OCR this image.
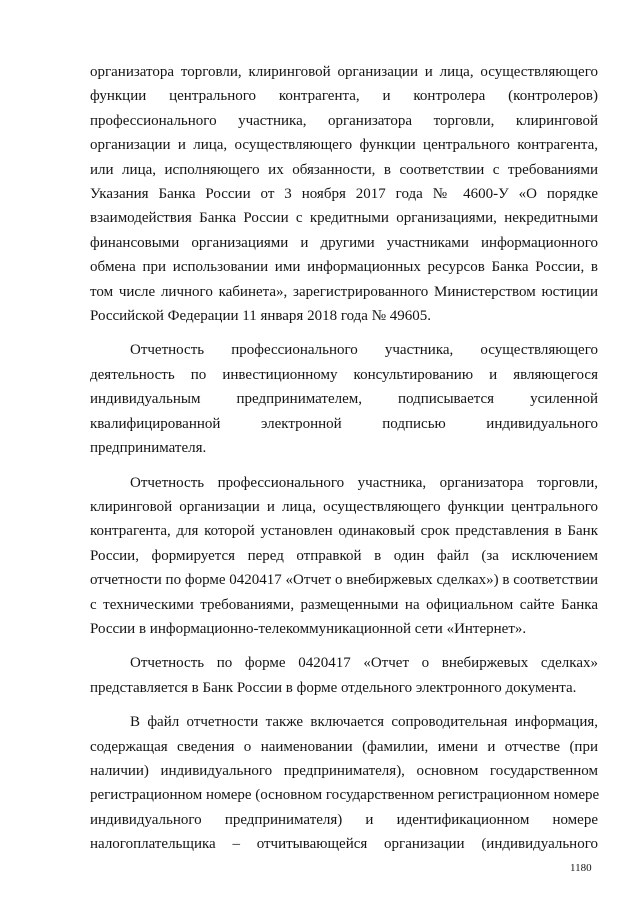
организатора торговли, клиринговой организации и лица, осуществляющего
функции центрального контрагента, и контролера (контролеров)
профессионального участника, организатора торговли, клиринговой
организации и лица, осуществляющего функции центрального контрагента,
или лица, исполняющего их обязанности, в соответствии с требованиями
Указания Банка России от 3 ноября 2017 года № 4600-У «О порядке
взаимодействия Банка России с кредитными организациями, некредитными
финансовыми организациями и другими участниками информационного
обмена при использовании ими информационных ресурсов Банка России, в
том числе личного кабинета», зарегистрированного Министерством юстиции
Российской Федерации 11 января 2018 года № 49605.

Отчетность профессионального участника, осуществляющего
деятельность по инвестиционному консультированию и являющегося
индивидуальным предпринимателем, подписывается усиленной
квалифицированной электронной подписью индивидуального
предпринимателя.

Отчетность профессионального участника, организатора торговли,
клиринговой организации и лица, осуществляющего функции центрального
контрагента, для которой установлен одинаковый срок представления в Банк
России, формируется перед отправкой в один файл (за исключением
отчетности по форме 0420417 «Отчет о внебиржевых сделках») в соответствии
с техническими требованиями, размещенными на официальном сайте Банка
России в информационно-телекоммуникационной сети «Интернет».

Отчетность по форме 0420417 «Отчет о внебиржевых сделках»
представляется в Банк России в форме отдельного электронного документа.

В файл отчетности также включается сопроводительная информация,
содержащая сведения о наименовании (фамилии, имени и отчестве (при
наличии) индивидуального предпринимателя), основном государственном
регистрационном номере (основном государственном регистрационном номере
индивидуального предпринимателя) и идентификационном номере
налогоплательщика – отчитывающейся организации (индивидуального

1180
